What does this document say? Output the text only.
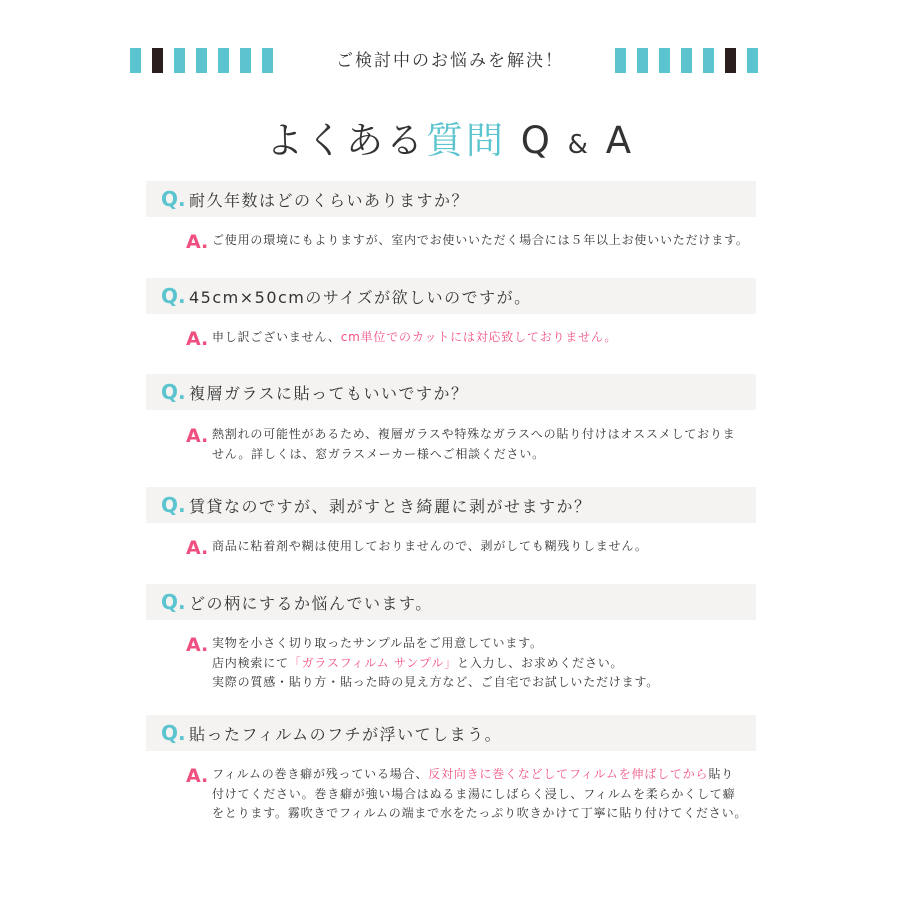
ご検討中のお悩みを解決！
よくある質問 Q & A
Q. 耐久年数はどのくらいありますか？
A. ご使用の環境にもよりますが、室内でお使いいただく場合には５年以上お使いいただけます。
Q. 45cm×50cmのサイズが欲しいのですが。
A. 申し訳ございません、cm単位でのカットには対応致しておりません。
Q. 複層ガラスに貼ってもいいですか？
A. 熱割れの可能性があるため、複層ガラスや特殊なガラスへの貼り付けはオススメしておりま
せん。詳しくは、窓ガラスメーカー様へご相談ください。
Q. 賃貸なのですが、剥がすとき綺麗に剥がせますか？
A. 商品に粘着剤や糊は使用しておりませんので、剥がしても糊残りしません。
Q. どの柄にするか悩んでいます。
A. 実物を小さく切り取ったサンプル品をご用意しています。
店内検索にて「ガラスフィルム サンプル」と入力し、お求めください。
実際の質感・貼り方・貼った時の見え方など、ご自宅でお試しいただけます。
Q. 貼ったフィルムのフチが浮いてしまう。
A. フィルムの巻き癖が残っている場合、反対向きに巻くなどしてフィルムを伸ばしてから貼り
付けてください。巻き癖が強い場合はぬるま湯にしばらく浸し、フィルムを柔らかくして癖
をとります。霧吹きでフィルムの端まで水をたっぷり吹きかけて丁寧に貼り付けてください。
